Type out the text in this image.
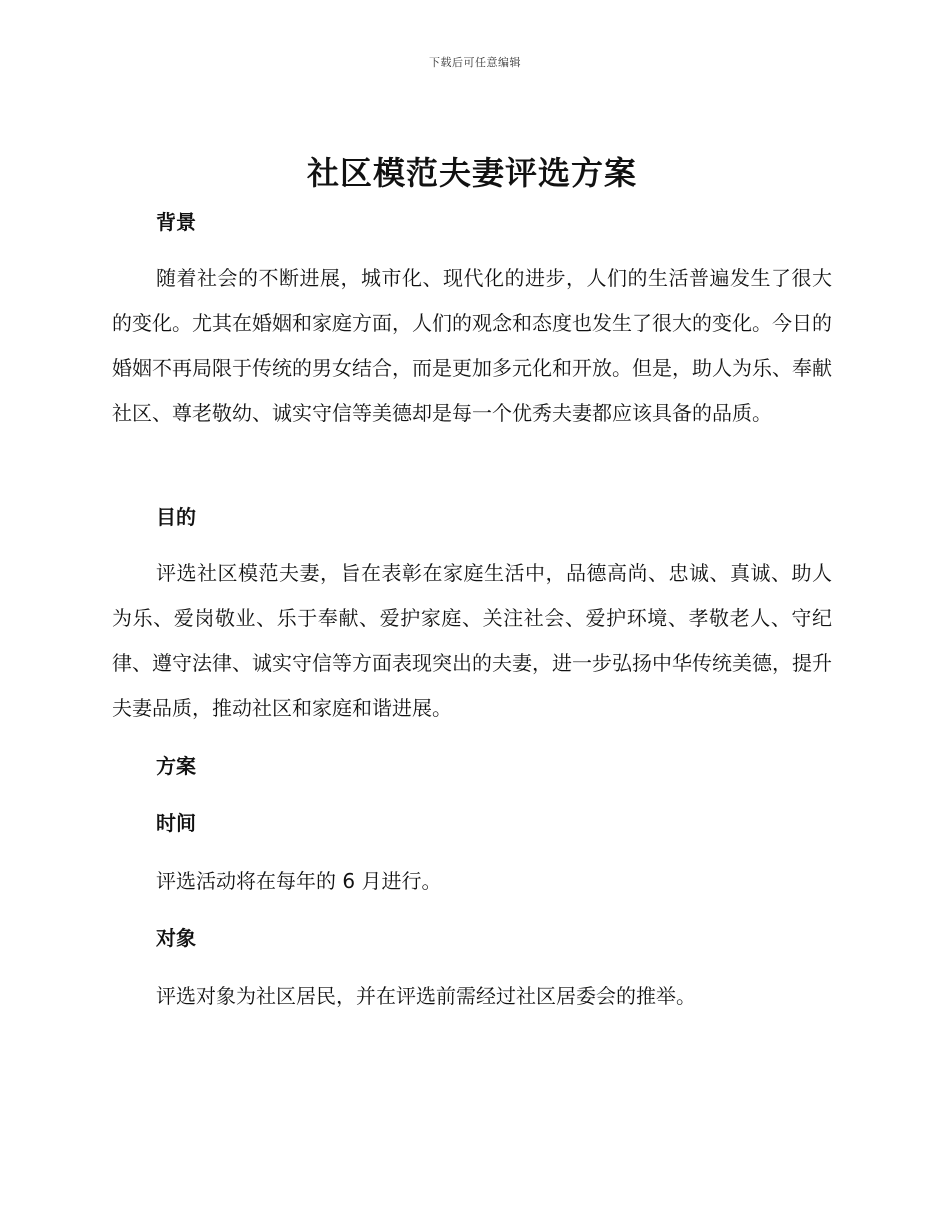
下载后可任意编辑
社区模范夫妻评选方案
背景
随着社会的不断进展，城市化、现代化的进步，人们的生活普遍发生了很大的变化。尤其在婚姻和家庭方面，人们的观念和态度也发生了很大的变化。今日的婚姻不再局限于传统的男女结合，而是更加多元化和开放。但是，助人为乐、奉献社区、尊老敬幼、诚实守信等美德却是每一个优秀夫妻都应该具备的品质。
目的
评选社区模范夫妻，旨在表彰在家庭生活中，品德高尚、忠诚、真诚、助人为乐、爱岗敬业、乐于奉献、爱护家庭、关注社会、爱护环境、孝敬老人、守纪律、遵守法律、诚实守信等方面表现突出的夫妻，进一步弘扬中华传统美德，提升夫妻品质，推动社区和家庭和谐进展。
方案
时间
评选活动将在每年的 6 月进行。
对象
评选对象为社区居民，并在评选前需经过社区居委会的推举。
